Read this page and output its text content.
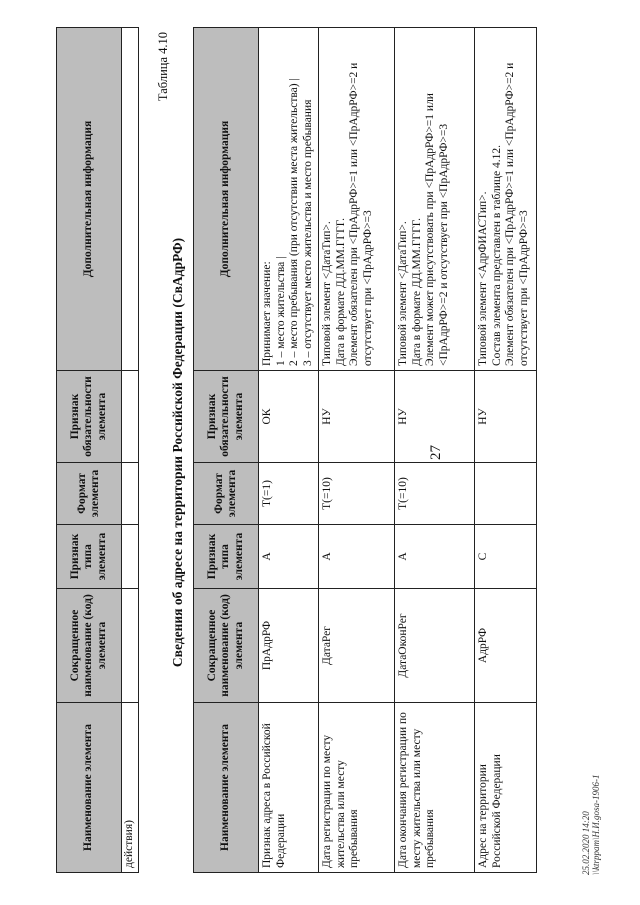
27
Наименование элемента	Сокращенное наименование (код) элемента	Признак типа элемента	Формат элемента	Признак обязательности элемента	Дополнительная информация
действия)					
Таблица 4.10
Сведения об адресе на территории Российской Федерации (СвАдрРФ)
Наименование элемента	Сокращенное наименование (код) элемента	Признак типа элемента	Формат элемента	Признак обязательности элемента	Дополнительная информация
Признак адреса в Российской Федерации	ПрАдрРФ	А	Т(=1)	ОК	Принимает значение: 1 – место жительства | 2 – место пребывания (при отсутствии места жительства) | 3 – отсутствует место жительства и место пребывания

Дата регистрации по месту жительства или месту пребывания	ДатаРег	А	Т(=10)	НУ	Типовой элемент <ДатаТип>. Дата в формате ДД.ММ.ГГГГ. Элемент обязателен при <ПрАдрРФ>=1 или <ПрАдрРФ>=2 и отсутствует при <ПрАдрРФ>=3

Дата окончания регистрации по месту жительства или месту пребывания	ДатаОконРег	А	Т(=10)	НУ	Типовой элемент <ДатаТип>. Дата в формате ДД.ММ.ГГГГ. Элемент может присутствовать при <ПрАдрРФ>=1 или <ПрАдрРФ>=2 и отсутствует при <ПрАдрРФ>=3

Адрес на территории Российской Федерации	АдрРФ	С		НУ	Типовой элемент <АдрФИАСТип>. Состав элемента представлен в таблице 4.12. Элемент обязателен при <ПрАдрРФ>=1 или <ПрАдрРФ>=2 и отсутствует при <ПрАдрРФ>=3
25.02.2020 14:20 \\ktrppam\Н.И.gosa-1906-1
